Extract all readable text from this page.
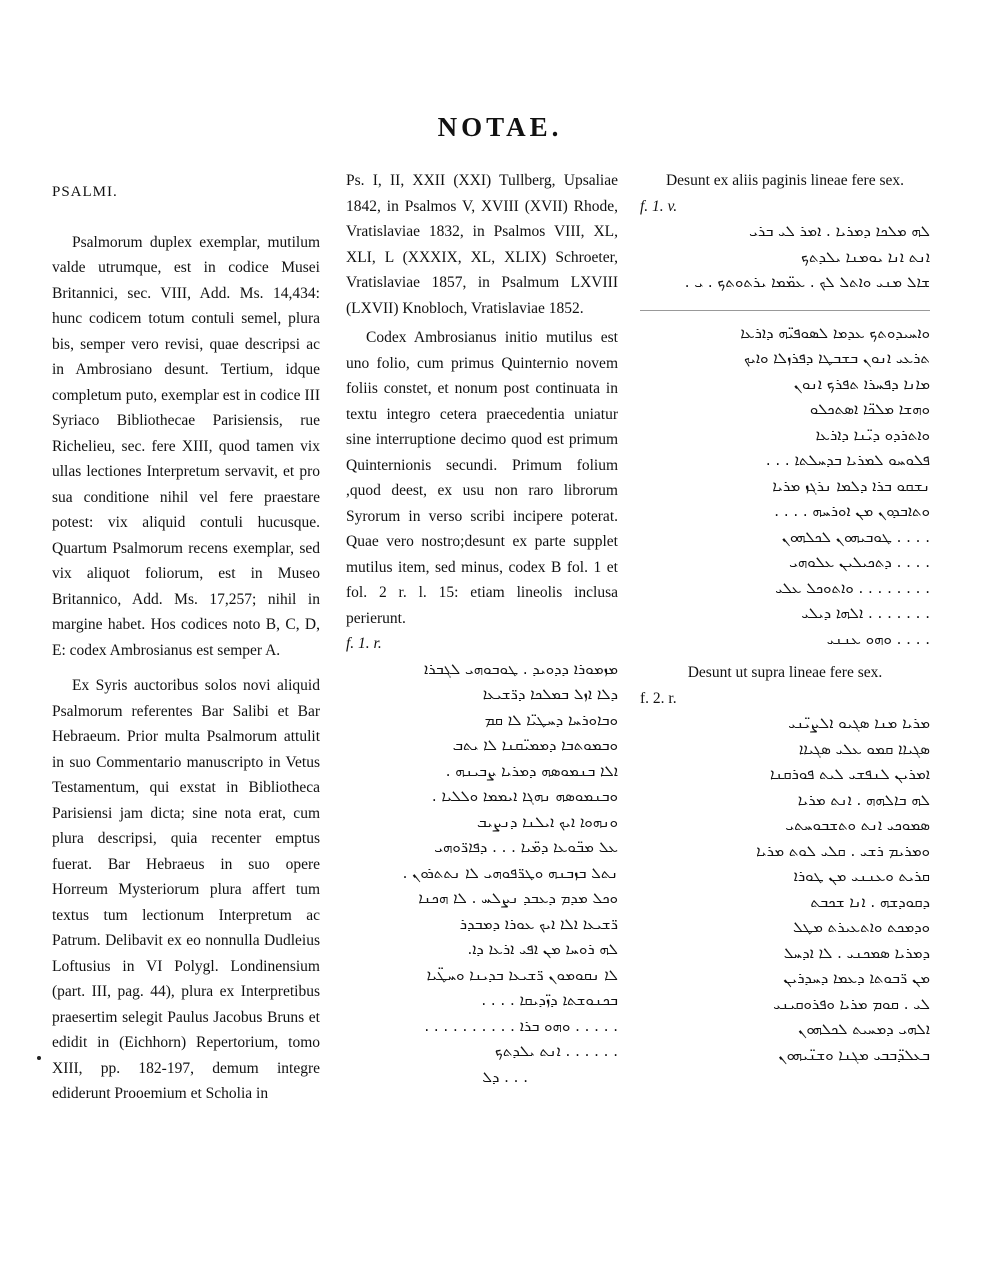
NOTAE.

PSALMI.

Psalmorum duplex exemplar, mutilum valde utrumque, est in codice Musei Britannici, sec. VIII, Add. Ms. 14,434: hunc codicem totum contuli semel, plura bis, semper vero revisi, quae descripsi ac in Ambrosiano desunt. Tertium, idque completum puto, exemplar est in codice III Syriaco Bibliothecae Parisiensis, rue Richelieu, sec. fere XIII, quod tamen vix ullas lectiones Interpretum servavit, et pro sua conditione nihil vel fere praestare potest: vix aliquid contuli hucusque. Quartum Psalmorum recens exemplar, sed vix aliquot foliorum, est in Museo Britannico, Add. Ms. 17,257; nihil in margine habet. Hos codices noto B, C, D, E: codex Ambrosianus est semper A.

Ex Syris auctoribus solos novi aliquid Psalmorum referentes Bar Salibi et Bar Hebraeum. Prior multa Psalmorum attulit in suo Commentario manuscripto in Vetus Testamentum, qui exstat in Bibliotheca Parisiensi jam dicta; sine nota erat, cum plura descripsi, quia recenter emptus fuerat. Bar Hebraeus in suo opere Horreum Mysteriorum plura affert tum textus tum lectionum Interpretum ac Patrum. Delibavit ex eo nonnulla Dudleius Loftusius in VI Polygl. Londinensium (part. III, pag. 44), plura ex Interpretibus praesertim selegit Paulus Jacobus Bruns et edidit in (Eichhorn) Repertorium, tomo XIII, pp. 182-197, demum integre ediderunt Prooemium et Scholia in

Ps. I, II, XXII (XXI) Tullberg, Upsaliae 1842, in Psalmos V, XVIII (XVII) Rhode, Vratislaviae 1832, in Psalmos VIII, XL, XLI, L (XXXIX, XL, XLIX) Schroeter, Vratislaviae 1857, in Psalmum LXVIII (LXVII) Knobloch, Vratislaviae 1852.

Codex Ambrosianus initio mutilus est uno folio, cum primus Quinternio novem foliis constet, et nonum post continuata in textu integro cetera praecedentia uniatur sine interruptione decimo quod est primum Quinternionis secundi. Primum folium ,quod deest, ex usu non raro librorum Syrorum in verso scribi incipere poterat. Quae vero nostro;desunt ex parte supplet mutilus item, sed minus, codex B fol. 1 et fol. 2 r. l. 15: etiam lineolis inclusa perierunt.

f. 1. r.

ܡܙܡܘܪܐ ܕܕܘܝܕ . ܛܘܒܘܗܝ ܠܓܒܪܐ
ܕܠܐ ܐܙܠ ܒܡܠܟܐ ܕܪ̈ܫܝܥܐ
ܘܒܐܘܪܚܐ ܕܚܛܝ̈ܐ ܠܐ ܩܡ
ܘܒܡܘܬܒܐ ܕܡܡܝ̈ܩܢܐ ܠܐ ܝܬܒ
ܐܠܐ ܒܢܡܘܣܗ ܕܡܪܝܐ ܨܒܝܢܗ .
ܘܒܢܡܘܣܗ ܢܗܓܐ ܐܝܡܡܐ ܘܠܠܝܐ .
ܘܢܗܘܐ ܐܝܟ ܐܝܠܢܐ ܕܢܨܝܒ
ܥܠ ܡܒ̈ܘܥܐ ܕܡ̈ܝܐ . . . ܕܦܐܪ̈ܘܗܝ
ܢܬܠ ܒܙܒܢܗ ܘܛܪ̈ܦܘܗܝ ܠܐ ܢܬܬܪܘܢ .
ܘܟܠ ܡܕܡ ܕܥܒܕ ܢܨܠܚ . ܠܐ ܗܟܢܐ
ܪ̈ܫܝܥܐ ܐܠܐ ܐܝܟ ܥܘܪܐ ܕܡܒܕܪ
ܠܗ ܪܘܚܐ ܡܢ ܐܦܝ ܐܪܥܐ ܕܐ.
ܠܐ ܢܩܘܡܘܢ ܪ̈ܫܝܥܐ ܒܕܝܢܐ ܘܚܛ̈ܝܐ
ܒܟܢܘܫܬܐ ܕܙ̈ܕܝܩܐ . . . .
. . . . . ܘܗܘ ܒܪܐ . . . . . . . . . .
. . . . . . ܐܢܬ ܝܠܕܬܟ
. . . ܕܠ

Desunt ex aliis paginis lineae fere sex.

f. 1. v.

ܠܗ ܡܠܟܐ ܕܡܪܝܐ . ܐܡܪ ܠܝ ܒܪܝ
ܐܢܬ ܐܢܐ ܝܘܡܢܐ ܝܠܕܬܟ
ܫܐܠ ܡܢܝ ܘܐܬܠ ܠܟ . ܥܡ̈ܡܐ ܝܪܬܘܬܟ . ܝ .
ܘܐܚܝܕܘܬܟ ܥܕܡܐ ܠܣܘܦܝ̈ܗ ܕܐܪܥܐ
ܬܪܥܝ ܐܢܘܢ ܒܫܒܛܐ ܕܦܪܙܠܐ ܘܐܝܟ
ܡܐܢܐ ܕܦܚܪܐ ܬܦܪܟ ܐܢܘܢ
ܘܗܫܐ ܡܠܟ̈ܐ ܐܣܬܟܠܘ
ܘܐܬܪܕܘ ܕܝ̈ܢܐ ܕܐܪܥܐ
ܦܠܘܚܘ ܠܡܪܝܐ ܒܕܚܠܬܐ . . .
ܢܫܩܘ ܒܪܐ ܕܠܡܐ ܢܪܓܙ ܡܪܝܐ
ܘܬܐܒܕܘܢ ܡܢ ܐܘܪܚܗ . . . .
. . . . ܛܘܒܝܗܘܢ ܠܟܠܗܘܢ
. . . . ܕܬܟܝܠܝܢ ܥܠܘܗܝ
. . . . . . . . ܘܐܬܘܟܠ ܥܠܝ
. . . . . . . ܐܠܗܐ ܕܝܠܝ
. . . . ܘܗܘ ܥܢܢܝ

Desunt ut supra lineae fere sex.

f. 2. r.

ܡܪܝܐ ܡܢܐ ܣܓܝܘ ܐܠܨܝ̈ܢܝ
ܣܓܝܐܐ ܩܡܘ ܥܠܝ ܣܓܝܐܐ
ܐܡܪܝܢ ܠܢܦܫܝ ܠܝܬ ܦܘܪܩܢܐ
ܠܗ ܒܐܠܗܗ . ܐܢܬ ܡܪܝܐ
ܣܡܘܟܝ ܐܢܬ ܘܬܫܒܘܚܬܝ
ܘܡܪܝܡ ܪܫܝ . ܩܠܝ ܠܘܬ ܡܪܝܐ
ܩܪܝܬ ܘܥܢܢܝ ܡܢ ܛܘܪܐ
ܕܩܘܕܫܗ . ܐܢܐ ܫܟܒܬ
ܘܕܡܟܬ ܘܐܬܥܝܪܬ ܡܛܠ
ܕܡܪܝܐ ܣܡܟܢܝ . ܠܐ ܐܕܚܠ
ܡܢ ܪ̈ܒܘܬܐ ܕܥܡܐ ܕܚܕܪܝܢ
ܠܝ . ܩܘܡ ܡܪܝܐ ܘܦܪܘܩܝܢܝ
ܐܠܗܝ ܕܡܚܝܬ ܠܟܠܗܘܢ
ܒܥܠܕ̈ܒܒܝ ܡܓܢܐ ܘܫܢ̈ܝܗܘܢ
